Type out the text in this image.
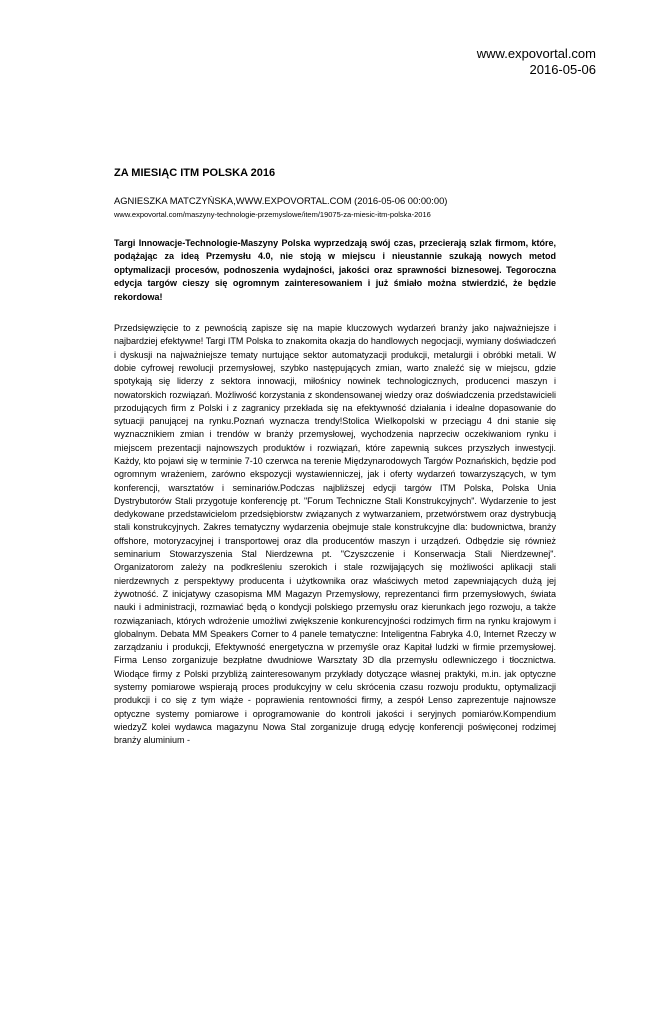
www.expovortal.com
2016-05-06
ZA MIESIĄC ITM POLSKA 2016

AGNIESZKA MATCZYŃSKA,WWW.EXPOVORTAL.COM (2016-05-06 00:00:00)

www.expovortal.com/maszyny-technologie-przemyslowe/item/19075-za-miesic-itm-polska-2016

Targi Innowacje-Technologie-Maszyny Polska wyprzedzają swój czas, przecierają szlak firmom, które, podążając za ideą Przemysłu 4.0, nie stoją w miejscu i nieustannie szukają nowych metod optymalizacji procesów, podnoszenia wydajności, jakości oraz sprawności biznesowej. Tegoroczna edycja targów cieszy się ogromnym zainteresowaniem i już śmiało można stwierdzić, że będzie rekordowa!

Przedsięwzięcie to z pewnością zapisze się na mapie kluczowych wydarzeń branży jako najważniejsze i najbardziej efektywne! Targi ITM Polska to znakomita okazja do handlowych negocjacji, wymiany doświadczeń i dyskusji na najważniejsze tematy nurtujące sektor automatyzacji produkcji, metalurgii i obróbki metali. W dobie cyfrowej rewolucji przemysłowej, szybko następujących zmian, warto znaleźć się w miejscu, gdzie spotykają się liderzy z sektora innowacji, miłośnicy nowinek technologicznych, producenci maszyn i nowatorskich rozwiązań. Możliwość korzystania z skondensowanej wiedzy oraz doświadczenia przedstawicieli przodujących firm z Polski i z zagranicy przekłada się na efektywność działania i idealne dopasowanie do sytuacji panującej na rynku.Poznań wyznacza trendy!Stolica Wielkopolski w przeciągu 4 dni stanie się wyznacznikiem zmian i trendów w branży przemysłowej, wychodzenia naprzeciw oczekiwaniom rynku i miejscem prezentacji najnowszych produktów i rozwiązań, które zapewnią sukces przyszłych inwestycji. Każdy, kto pojawi się w terminie 7-10 czerwca na terenie Międzynarodowych Targów Poznańskich, będzie pod ogromnym wrażeniem, zarówno ekspozycji wystawienniczej, jak i oferty wydarzeń towarzyszących, w tym konferencji, warsztatów i seminariów.Podczas najbliższej edycji targów ITM Polska, Polska Unia Dystrybutorów Stali przygotuje konferencję pt. "Forum Techniczne Stali Konstrukcyjnych". Wydarzenie to jest dedykowane przedstawicielom przedsiębiorstw związanych z wytwarzaniem, przetwórstwem oraz dystrybucją stali konstrukcyjnych. Zakres tematyczny wydarzenia obejmuje stale konstrukcyjne dla: budownictwa, branży offshore, motoryzacyjnej i transportowej oraz dla producentów maszyn i urządzeń. Odbędzie się również seminarium Stowarzyszenia Stal Nierdzewna pt. "Czyszczenie i Konserwacja Stali Nierdzewnej". Organizatorom zależy na podkreśleniu szerokich i stale rozwijających się możliwości aplikacji stali nierdzewnych z perspektywy producenta i użytkownika oraz właściwych metod zapewniających dużą jej żywotność. Z inicjatywy czasopisma MM Magazyn Przemysłowy, reprezentanci firm przemysłowych, świata nauki i administracji, rozmawiać będą o kondycji polskiego przemysłu oraz kierunkach jego rozwoju, a także rozwiązaniach, których wdrożenie umożliwi zwiększenie konkurencyjności rodzimych firm na rynku krajowym i globalnym. Debata MM Speakers Corner to 4 panele tematyczne: Inteligentna Fabryka 4.0, Internet Rzeczy w zarządzaniu i produkcji, Efektywność energetyczna w przemyśle oraz Kapitał ludzki w firmie przemysłowej. Firma Lenso zorganizuje bezpłatne dwudniowe Warsztaty 3D dla przemysłu odlewniczego i tłocznictwa. Wiodące firmy z Polski przybliżą zainteresowanym przykłady dotyczące własnej praktyki, m.in. jak optyczne systemy pomiarowe wspierają proces produkcyjny w celu skrócenia czasu rozwoju produktu, optymalizacji produkcji i co się z tym wiąże - poprawienia rentowności firmy, a zespół Lenso zaprezentuje najnowsze optyczne systemy pomiarowe i oprogramowanie do kontroli jakości i seryjnych pomiarów.Kompendium wiedzyZ kolei wydawca magazynu Nowa Stal zorganizuje drugą edycję konferencji poświęconej rodzimej branży aluminium -
